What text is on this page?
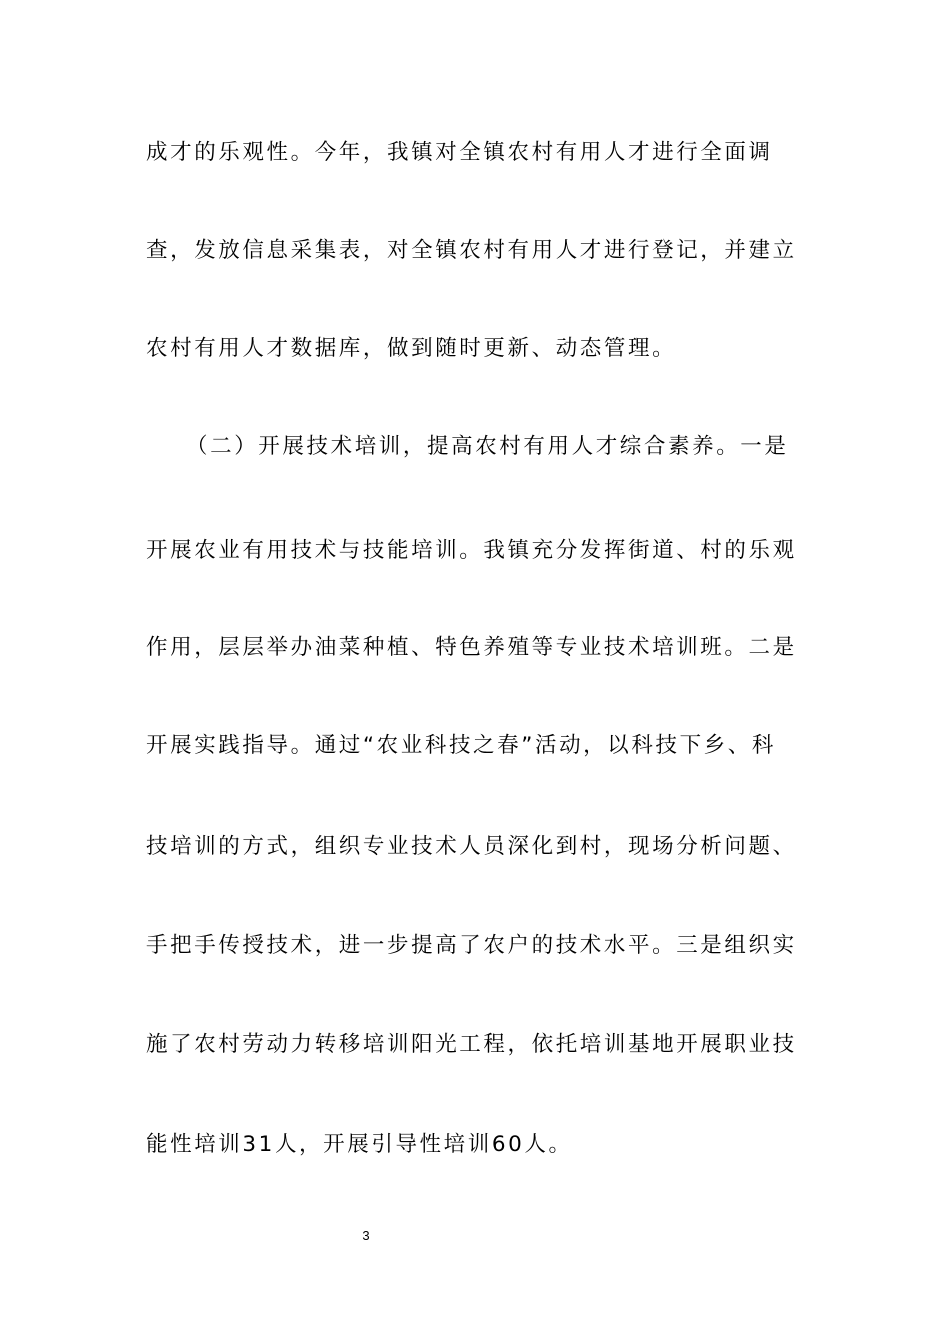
成才的乐观性。今年，我镇对全镇农村有用人才进行全面调
查，发放信息采集表，对全镇农村有用人才进行登记，并建立
农村有用人才数据库，做到随时更新、动态管理。
（二）开展技术培训，提高农村有用人才综合素养。一是
开展农业有用技术与技能培训。我镇充分发挥街道、村的乐观
作用，层层举办油菜种植、特色养殖等专业技术培训班。二是
开展实践指导。通过“农业科技之春”活动，以科技下乡、科
技培训的方式，组织专业技术人员深化到村，现场分析问题、
手把手传授技术，进一步提高了农户的技术水平。三是组织实
施了农村劳动力转移培训阳光工程，依托培训基地开展职业技
能性培训31人，开展引导性培训60人。
3
